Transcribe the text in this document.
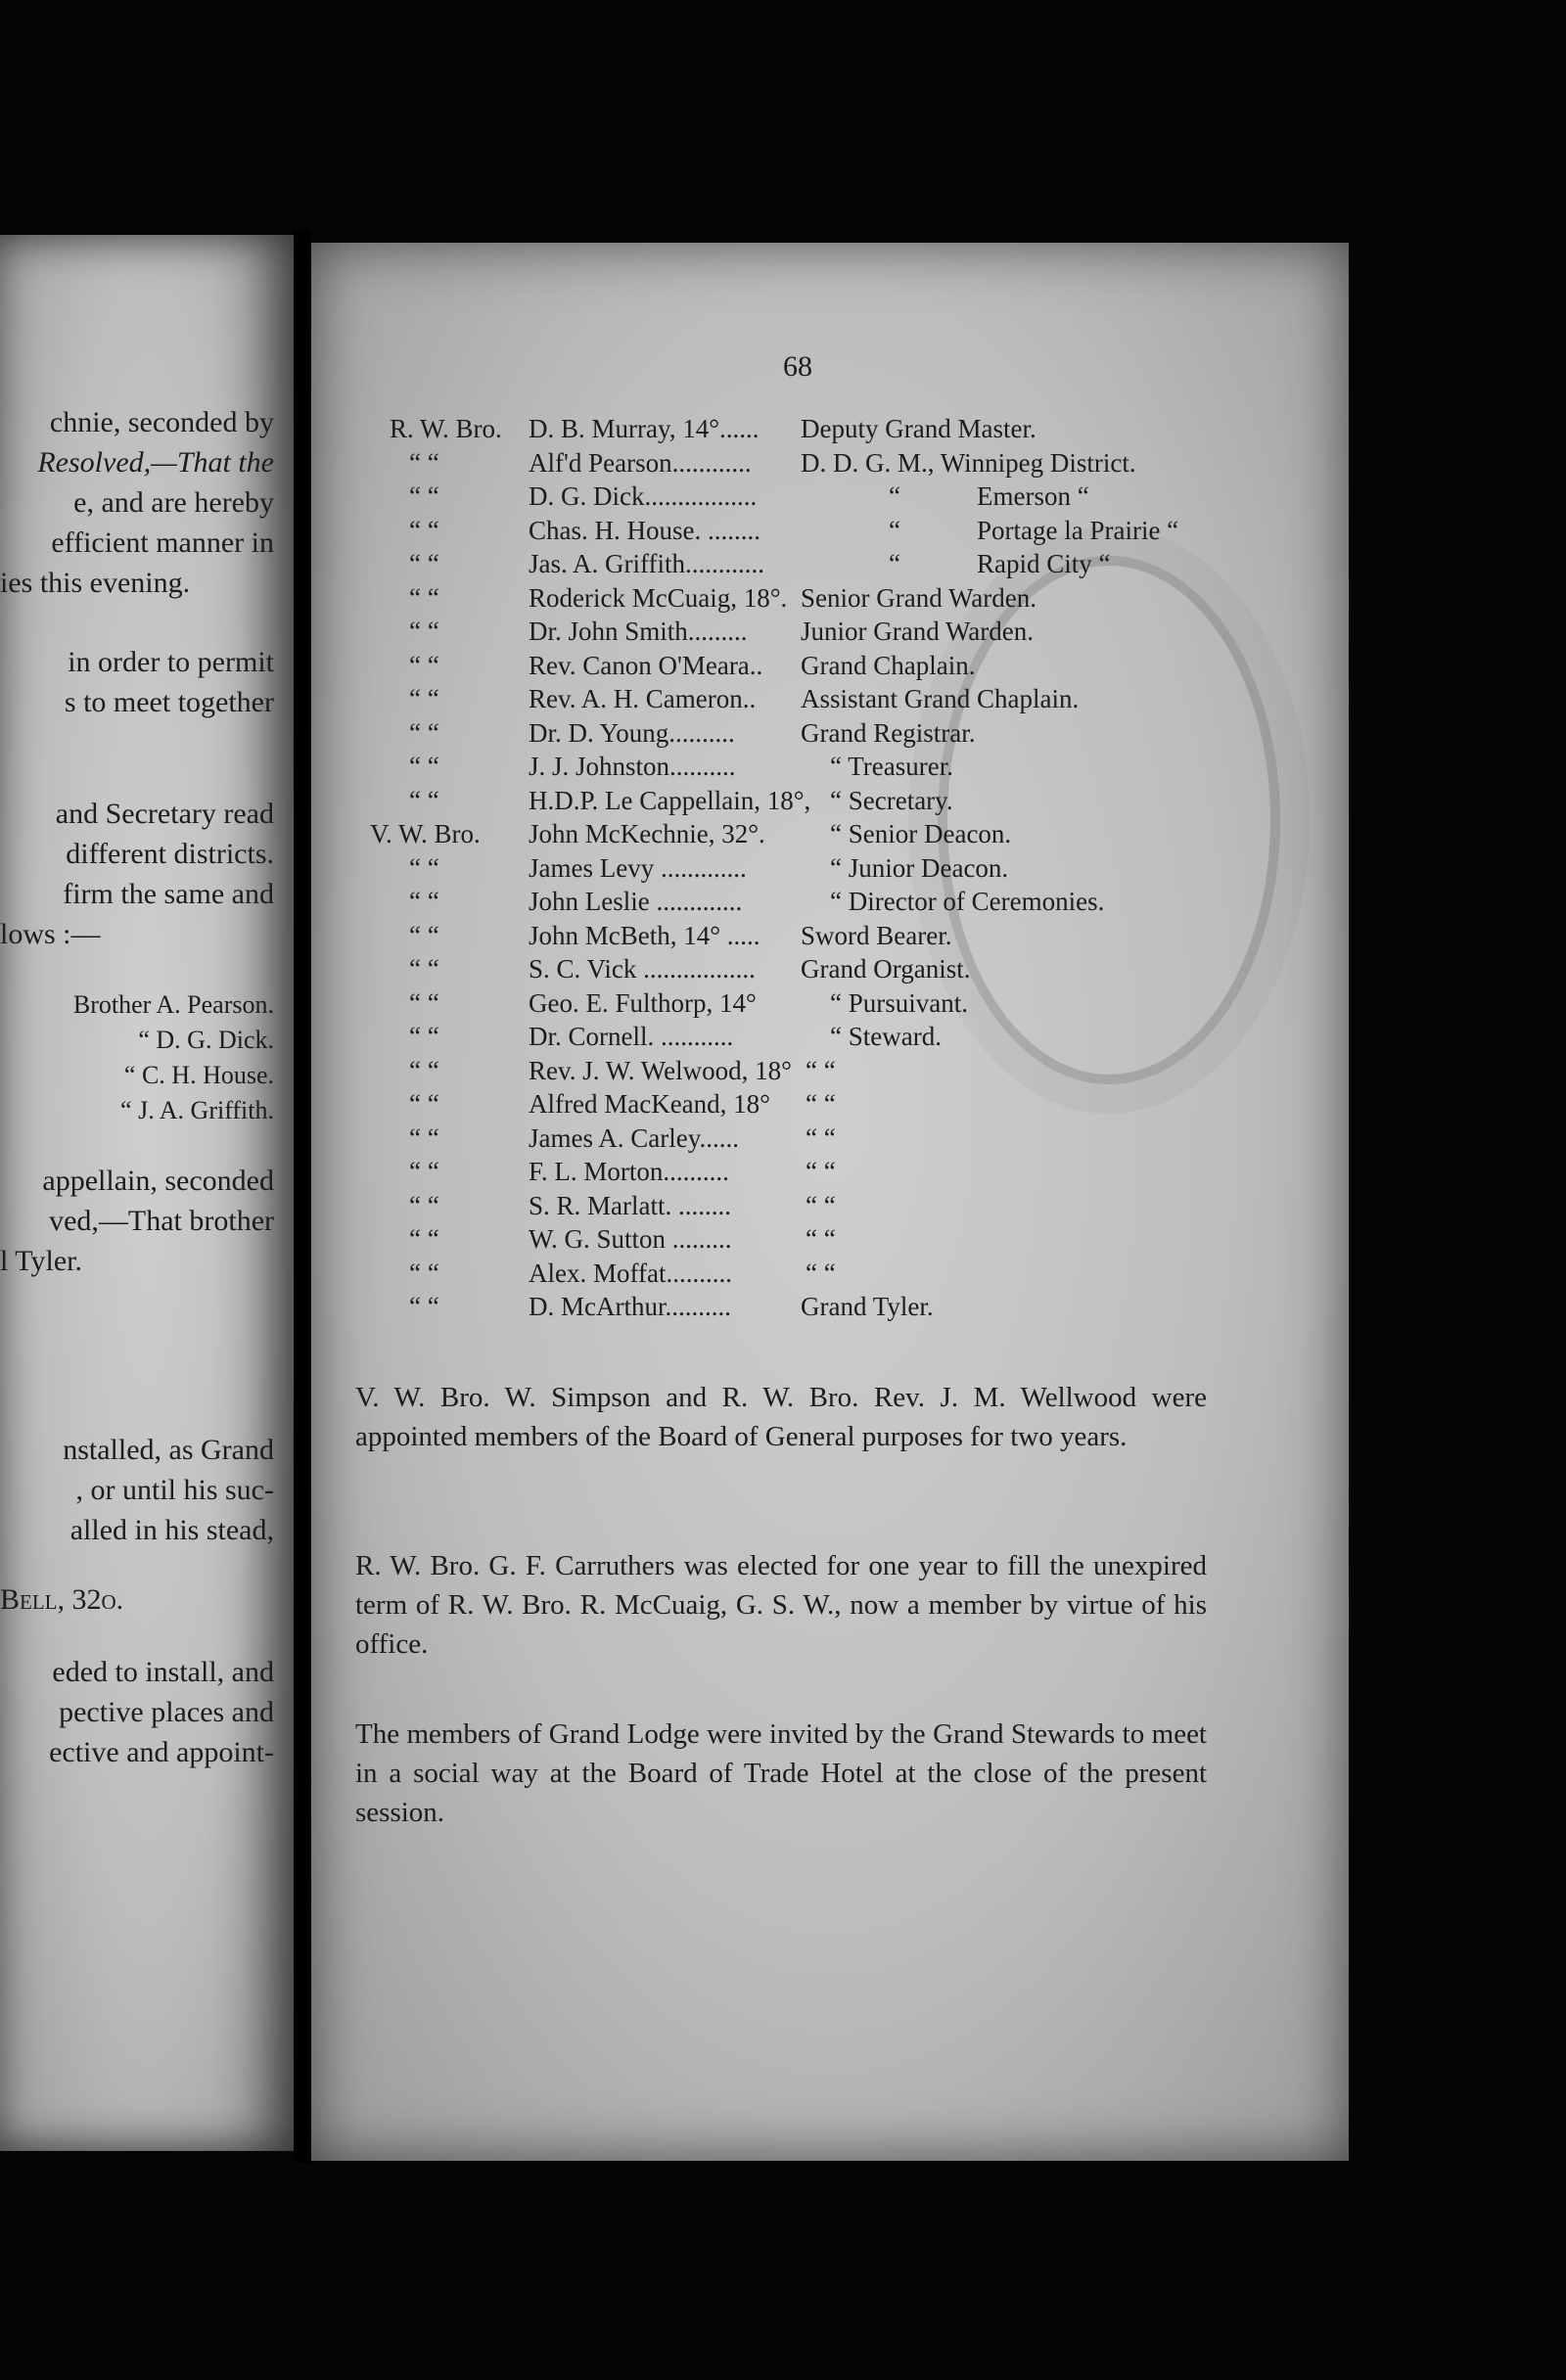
chnie, seconded by
Resolved,—That the
e, and are hereby
efficient manner in
ies this evening.
in order to permit
s to meet together
and Secretary read
different districts.
firm the same and
lows :—
Brother A. Pearson.
“ D. G. Dick.
“ C. H. House.
“ J. A. Griffith.
appellain, seconded
ved,—That brother
l Tyler.
nstalled, as Grand
, or until his suc-
alled in his stead,
Bell, 32o.
eded to install, and
pective places and
ective and appoint-
68
R. W. Bro. D. B. Murray, 14°...... Deputy Grand Master.
“ “	Alf'd Pearson............ D. D. G. M., Winnipeg District.
“ “	D. G. Dick.................	“	Emerson “
“ “	Chas. H. House. ........	“	Portage la Prairie “
“ “	Jas. A. Griffith............	“	Rapid City “
“ “	Roderick McCuaig, 18°. Senior Grand Warden.
“ “	Dr. John Smith......... Junior Grand Warden.
“ “	Rev. Canon O'Meara.. Grand Chaplain.
“ “	Rev. A. H. Cameron.. Assistant Grand Chaplain.
“ “	Dr. D. Young.......... Grand Registrar.
“ “	J. J. Johnston..........	“ Treasurer.
“ “	H.D.P. Le Cappellain, 18°, “ Secretary.
V. W. Bro. John McKechnie, 32°. “ Senior Deacon.
“ “	James Levy .............	“ Junior Deacon.
“ “	John Leslie .............	“ Director of Ceremonies.
“ “	John McBeth, 14° ..... Sword Bearer.
“ “	S. C. Vick ................. Grand Organist.
“ “	Geo. E. Fulthorp, 14°	“ Pursuivant.
“ “	Dr. Cornell. ...........	“ Steward.
“ “	Rev. J. W. Welwood, 18° “ “
“ “	Alfred MacKeand, 18° “ “
“ “	James A. Carley......	“ “
“ “	F. L. Morton..........	“ “
“ “	S. R. Marlatt. ........	“ “
“ “	W. G. Sutton .........	“ “
“ “	Alex. Moffat..........	“ “
“ “	D. McArthur..........	Grand Tyler.

V. W. Bro. W. Simpson and R. W. Bro. Rev. J. M. Wellwood were appointed members of the Board of General purposes for two years.

R. W. Bro. G. F. Carruthers was elected for one year to fill the unexpired term of R. W. Bro. R. McCuaig, G. S. W., now a member by virtue of his office.

The members of Grand Lodge were invited by the Grand Stewards to meet in a social way at the Board of Trade Hotel at the close of the present session.
